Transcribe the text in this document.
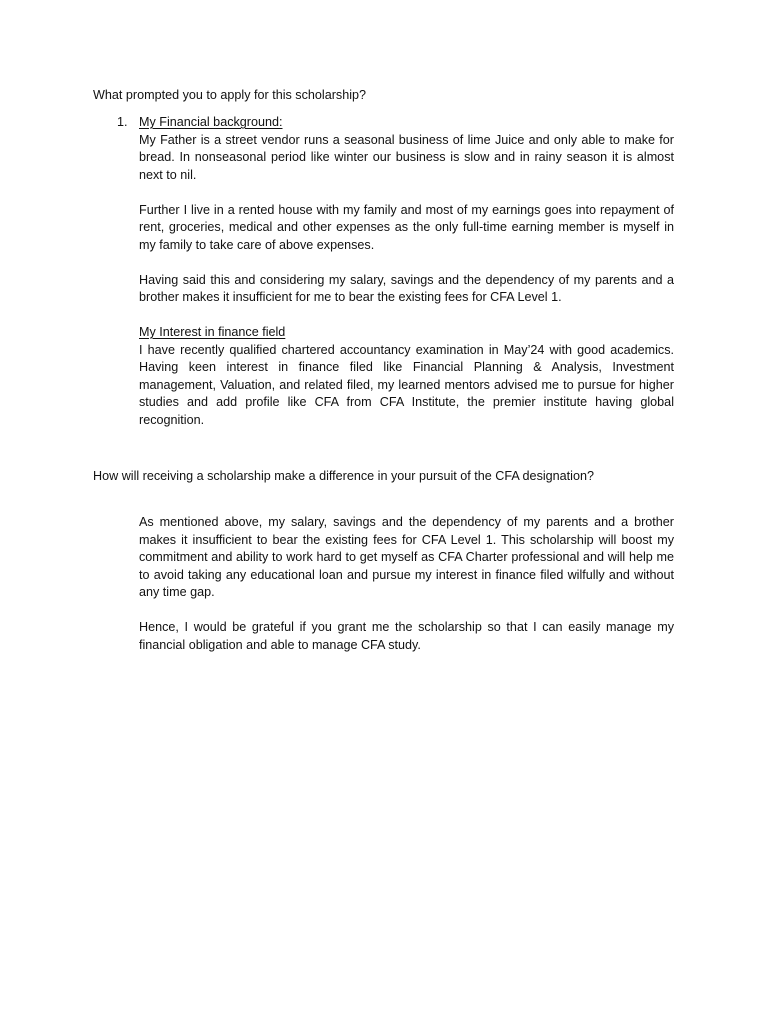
What prompted you to apply for this scholarship?

1. My Financial background:

My Father is a street vendor runs a seasonal business of lime Juice and only able to make for bread. In nonseasonal period like winter our business is slow and in rainy season it is almost next to nil.

Further I live in a rented house with my family and most of my earnings goes into repayment of rent, groceries, medical and other expenses as the only full-time earning member is myself in my family to take care of above expenses.

Having said this and considering my salary, savings and the dependency of my parents and a brother makes it insufficient for me to bear the existing fees for CFA Level 1.

My Interest in finance field

I have recently qualified chartered accountancy examination in May’24 with good academics. Having keen interest in finance filed like Financial Planning & Analysis, Investment management, Valuation, and related filed, my learned mentors advised me to pursue for higher studies and add profile like CFA from CFA Institute, the premier institute having global recognition.

How will receiving a scholarship make a difference in your pursuit of the CFA designation?

As mentioned above, my salary, savings and the dependency of my parents and a brother makes it insufficient to bear the existing fees for CFA Level 1. This scholarship will boost my commitment and ability to work hard to get myself as CFA Charter professional and will help me to avoid taking any educational loan and pursue my interest in finance filed wilfully and without any time gap.

Hence, I would be grateful if you grant me the scholarship so that I can easily manage my financial obligation and able to manage CFA study.
